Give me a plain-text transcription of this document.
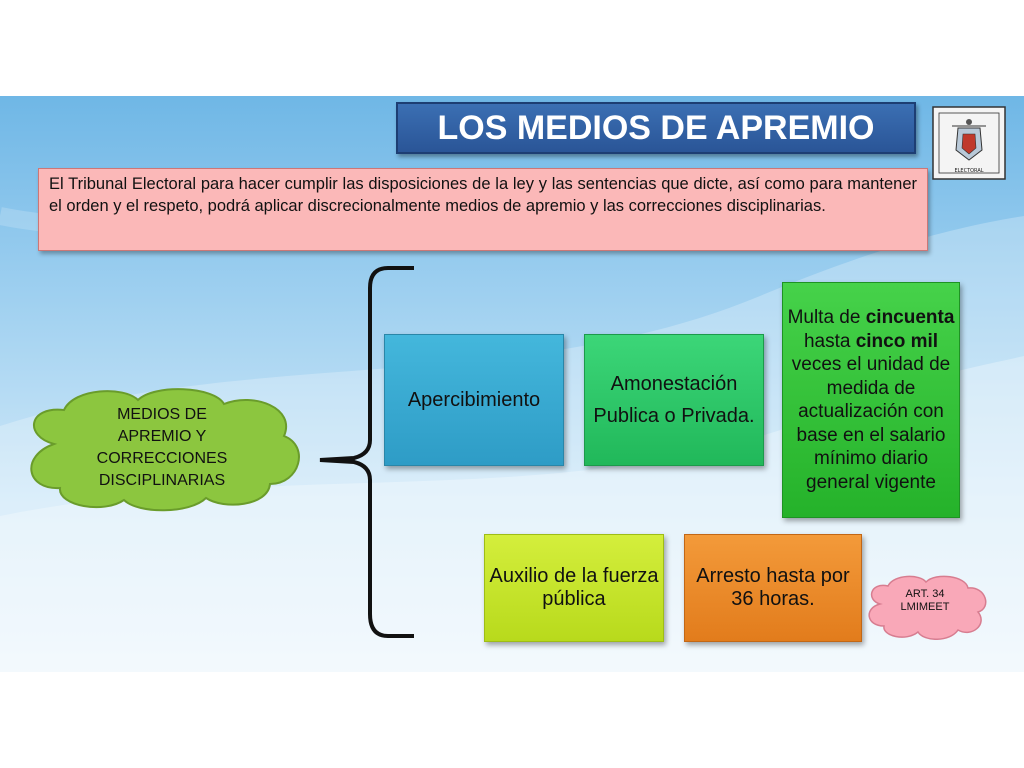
LOS MEDIOS DE APREMIO
ELECTORAL
El Tribunal Electoral para hacer cumplir las disposiciones de la ley y las sentencias que dicte, así como para mantener el orden y el respeto, podrá aplicar discrecionalmente medios de apremio y las correcciones disciplinarias.
MEDIOS DE
APREMIO Y
CORRECCIONES
DISCIPLINARIAS
Apercibimiento
Amonestación
Publica o Privada.
Multa de cincuenta hasta cinco mil veces el unidad de medida de actualización con base en el salario mínimo diario general vigente
Auxilio de la fuerza pública
Arresto hasta por 36 horas.	ART. 34
LMIMEET
